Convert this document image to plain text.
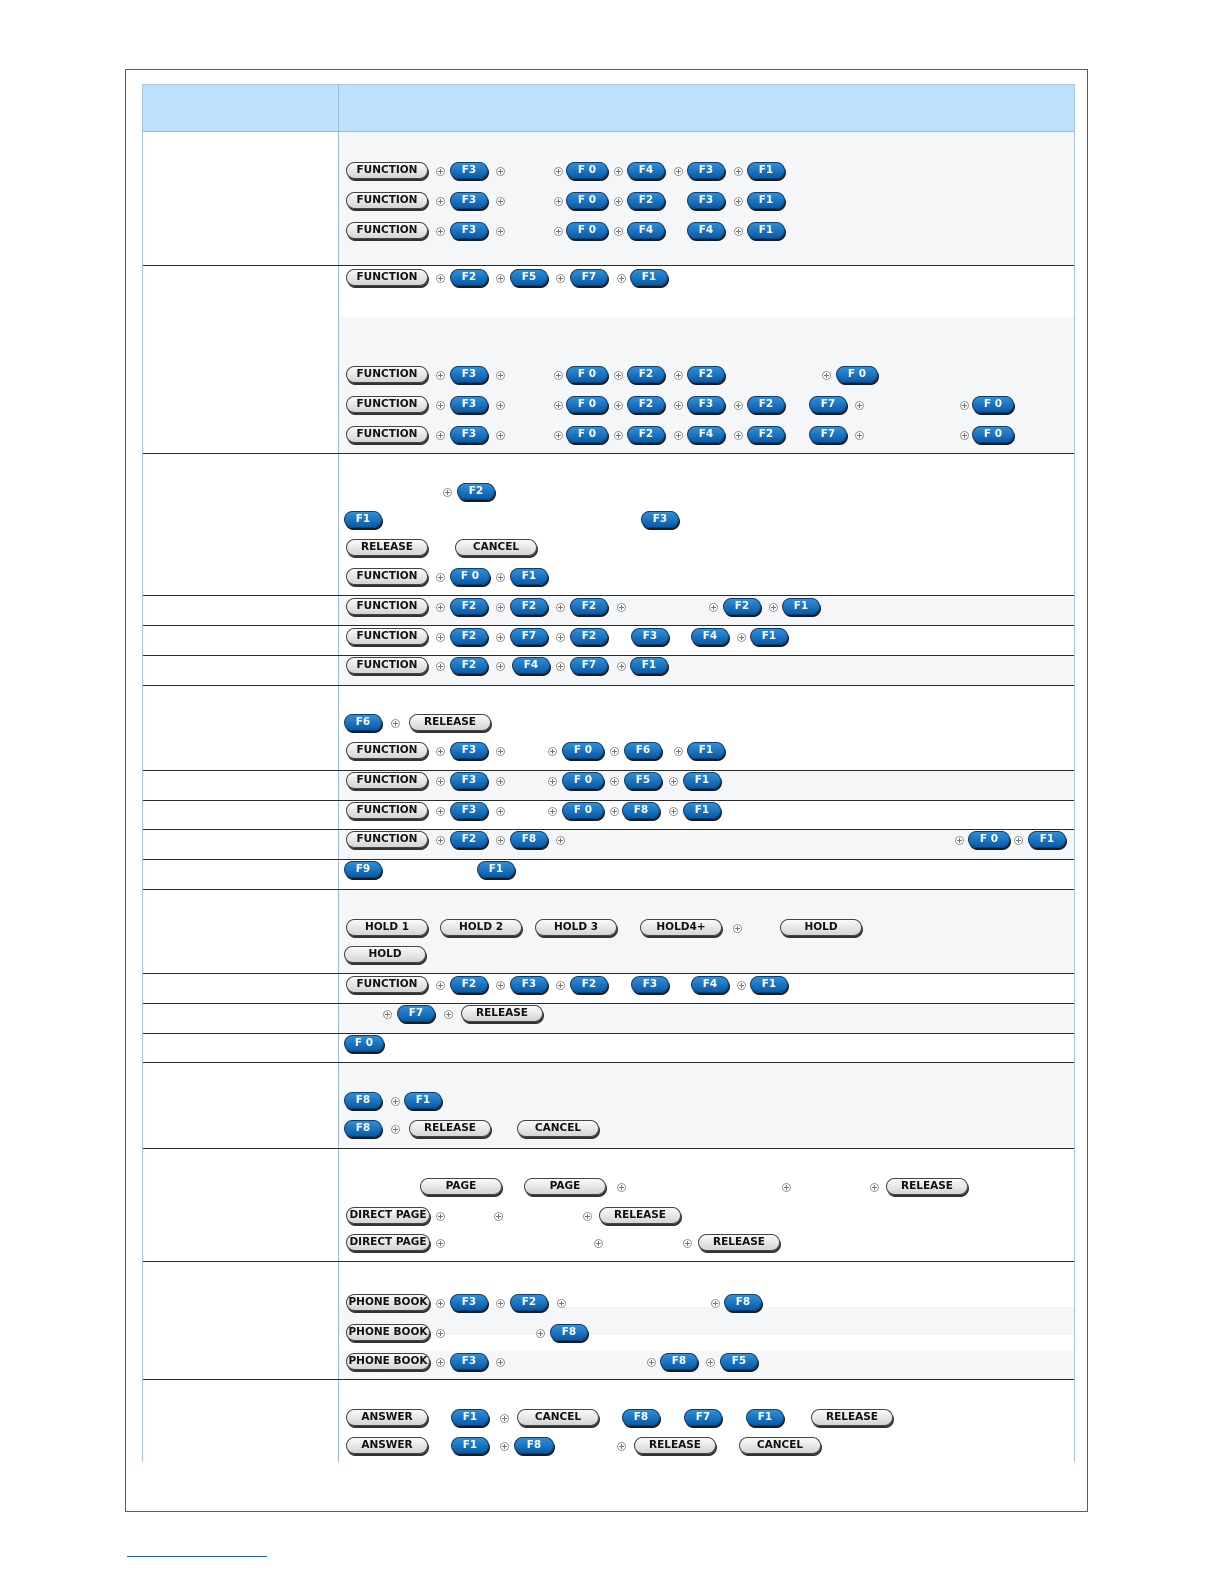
FUNCTION	F3	F 0	F4	F3	F1
FUNCTION	F3	F 0	F2	F3	F1
FUNCTION	F3	F 0	F4	F4	F1
FUNCTION	F2	F5	F7	F1
FUNCTION	F3	F 0	F2	F2	F 0
FUNCTION	F3	F 0	F2	F3	F2	F7	F 0
FUNCTION	F3	F 0	F2	F4	F2	F7	F 0
F2
F1	F3
RELEASE	CANCEL
FUNCTION	F 0	F1
FUNCTION	F2	F2	F2	F2	F1
FUNCTION	F2	F7	F2	F3	F4	F1
FUNCTION	F2	F4	F7	F1
F6	RELEASE
FUNCTION	F3	F 0	F6	F1
FUNCTION	F3	F 0	F5	F1
FUNCTION	F3	F 0	F8	F1
FUNCTION	F2	F8	F 0	F1
F9	F1
HOLD 1	HOLD 2	HOLD 3	HOLD4+	HOLD
HOLD
FUNCTION	F2	F3	F2	F3	F4	F1
F7	RELEASE
F 0
F8	F1
F8	RELEASE	CANCEL
PAGE	PAGE	RELEASE
DIRECT PAGE	RELEASE
DIRECT PAGE	RELEASE
PHONE BOOK	F3	F2	F8
PHONE BOOK	F8
PHONE BOOK	F3	F8	F5
ANSWER	F1	CANCEL	F8	F7	F1	RELEASE
ANSWER	F1	F8	RELEASE	CANCEL
